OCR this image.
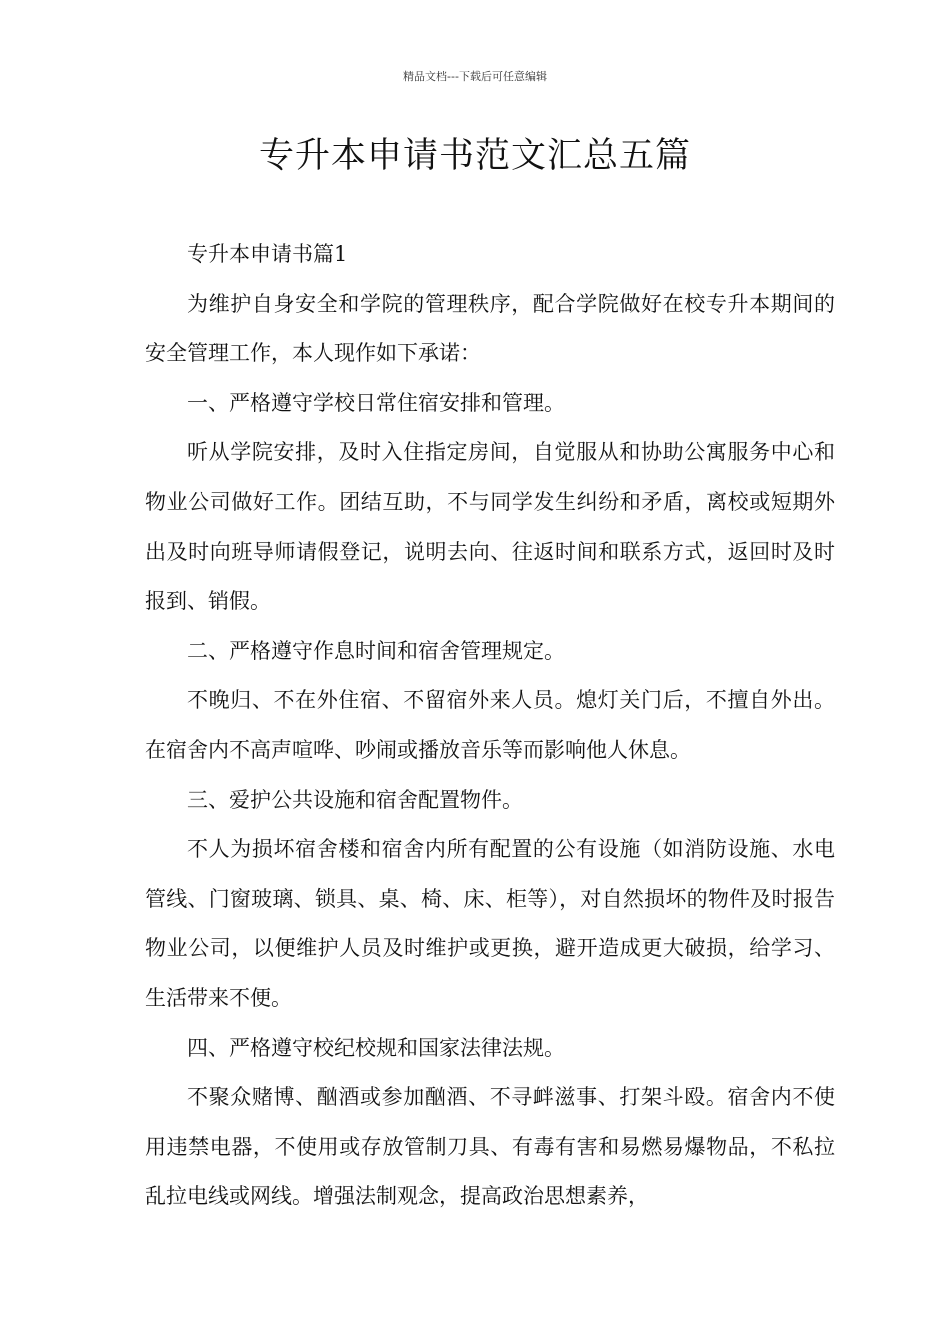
精品文档---下载后可任意编辑
专升本申请书范文汇总五篇

专升本申请书篇1

为维护自身安全和学院的管理秩序，配合学院做好在校专升本期间的安全管理工作，本人现作如下承诺：

一、严格遵守学校日常住宿安排和管理。

听从学院安排，及时入住指定房间，自觉服从和协助公寓服务中心和物业公司做好工作。团结互助，不与同学发生纠纷和矛盾，离校或短期外出及时向班导师请假登记，说明去向、往返时间和联系方式，返回时及时报到、销假。

二、严格遵守作息时间和宿舍管理规定。

不晚归、不在外住宿、不留宿外来人员。熄灯关门后，不擅自外出。在宿舍内不高声喧哗、吵闹或播放音乐等而影响他人休息。

三、爱护公共设施和宿舍配置物件。

不人为损坏宿舍楼和宿舍内所有配置的公有设施（如消防设施、水电管线、门窗玻璃、锁具、桌、椅、床、柜等），对自然损坏的物件及时报告物业公司，以便维护人员及时维护或更换，避开造成更大破损，给学习、生活带来不便。

四、严格遵守校纪校规和国家法律法规。

不聚众赌博、酗酒或参加酗酒、不寻衅滋事、打架斗殴。宿舍内不使用违禁电器，不使用或存放管制刀具、有毒有害和易燃易爆物品，不私拉乱拉电线或网线。增强法制观念，提高政治思想素养，
